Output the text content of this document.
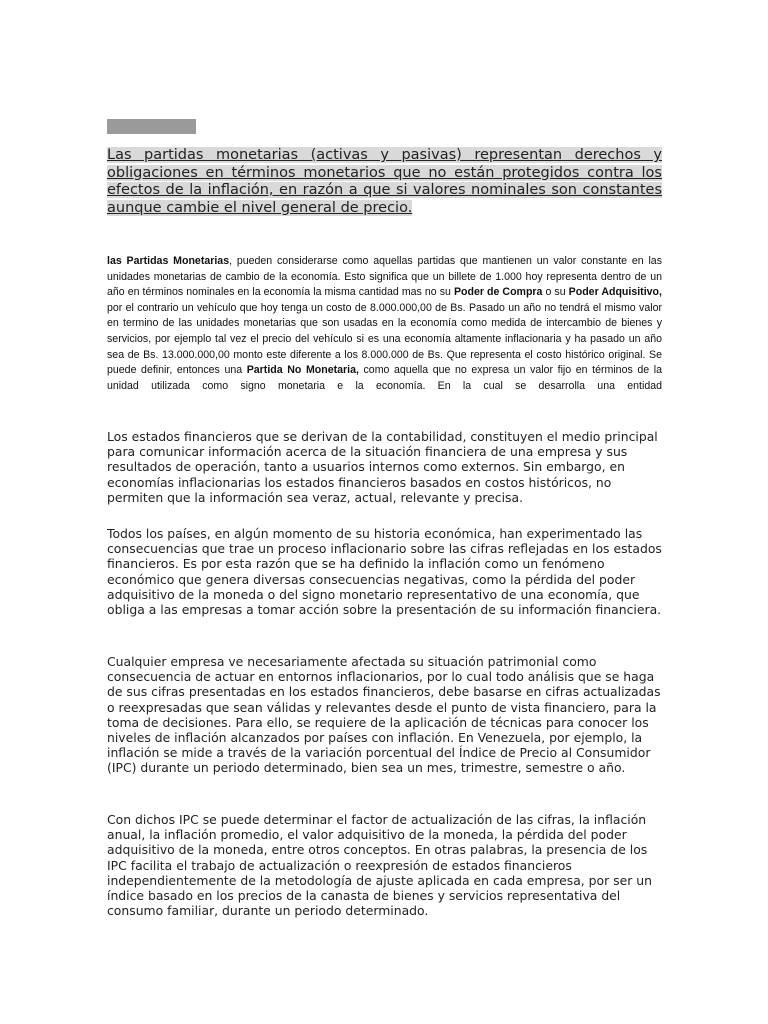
Las partidas monetarias (activas y pasivas) representan derechos y obligaciones en términos monetarios que no están protegidos contra los efectos de la inflación, en razón a que si valores nominales son constantes aunque cambie el nivel general de precio.
las Partidas Monetarias, pueden considerarse como aquellas partidas que mantienen un valor constante en las unidades monetarias de cambio de la economía. Esto significa que un billete de 1.000 hoy representa dentro de un año en términos nominales en la economía la misma cantidad mas no su Poder de Compra o su Poder Adquisitivo, por el contrario un vehículo que hoy tenga un costo de 8.000.000,00 de Bs. Pasado un año no tendrá el mismo valor en termino de las unidades monetarias que son usadas en la economía como medida de intercambio de bienes y servicios, por ejemplo tal vez el precio del vehículo si es una economía altamente inflacionaria y ha pasado un año sea de Bs. 13.000.000,00 monto este diferente a los 8.000.000 de Bs. Que representa el costo histórico original. Se puede definir, entonces una Partida No Monetaria, como aquella que no expresa un valor fijo en términos de la unidad utilizada como signo monetaria e la economía. En la cual se desarrolla una entidad
Los estados financieros que se derivan de la contabilidad, constituyen el medio principal para comunicar información acerca de la situación financiera de una empresa y sus resultados de operación, tanto a usuarios internos como externos. Sin embargo, en economías inflacionarias los estados financieros basados en costos históricos, no permiten que la información sea veraz, actual, relevante y precisa.
Todos los países, en algún momento de su historia económica, han experimentado las consecuencias que trae un proceso inflacionario sobre las cifras reflejadas en los estados financieros. Es por esta razón que se ha definido la inflación como un fenómeno económico que genera diversas consecuencias negativas, como la pérdida del poder adquisitivo de la moneda o del signo monetario representativo de una economía, que obliga a las empresas a tomar acción sobre la presentación de su información financiera.
Cualquier empresa ve necesariamente afectada su situación patrimonial como consecuencia de actuar en entornos inflacionarios, por lo cual todo análisis que se haga de sus cifras presentadas en los estados financieros, debe basarse en cifras actualizadas o reexpresadas que sean válidas y relevantes desde el punto de vista financiero, para la toma de decisiones. Para ello, se requiere de la aplicación de técnicas para conocer los niveles de inflación alcanzados por países con inflación. En Venezuela, por ejemplo, la inflación se mide a través de la variación porcentual del Índice de Precio al Consumidor (IPC) durante un periodo determinado, bien sea un mes, trimestre, semestre o año.
Con dichos IPC se puede determinar el factor de actualización de las cifras, la inflación anual, la inflación promedio, el valor adquisitivo de la moneda, la pérdida del poder adquisitivo de la moneda, entre otros conceptos. En otras palabras, la presencia de los IPC facilita el trabajo de actualización o reexpresión de estados financieros independientemente de la metodología de ajuste aplicada en cada empresa, por ser un índice basado en los precios de la canasta de bienes y servicios representativa del consumo familiar, durante un periodo determinado.
